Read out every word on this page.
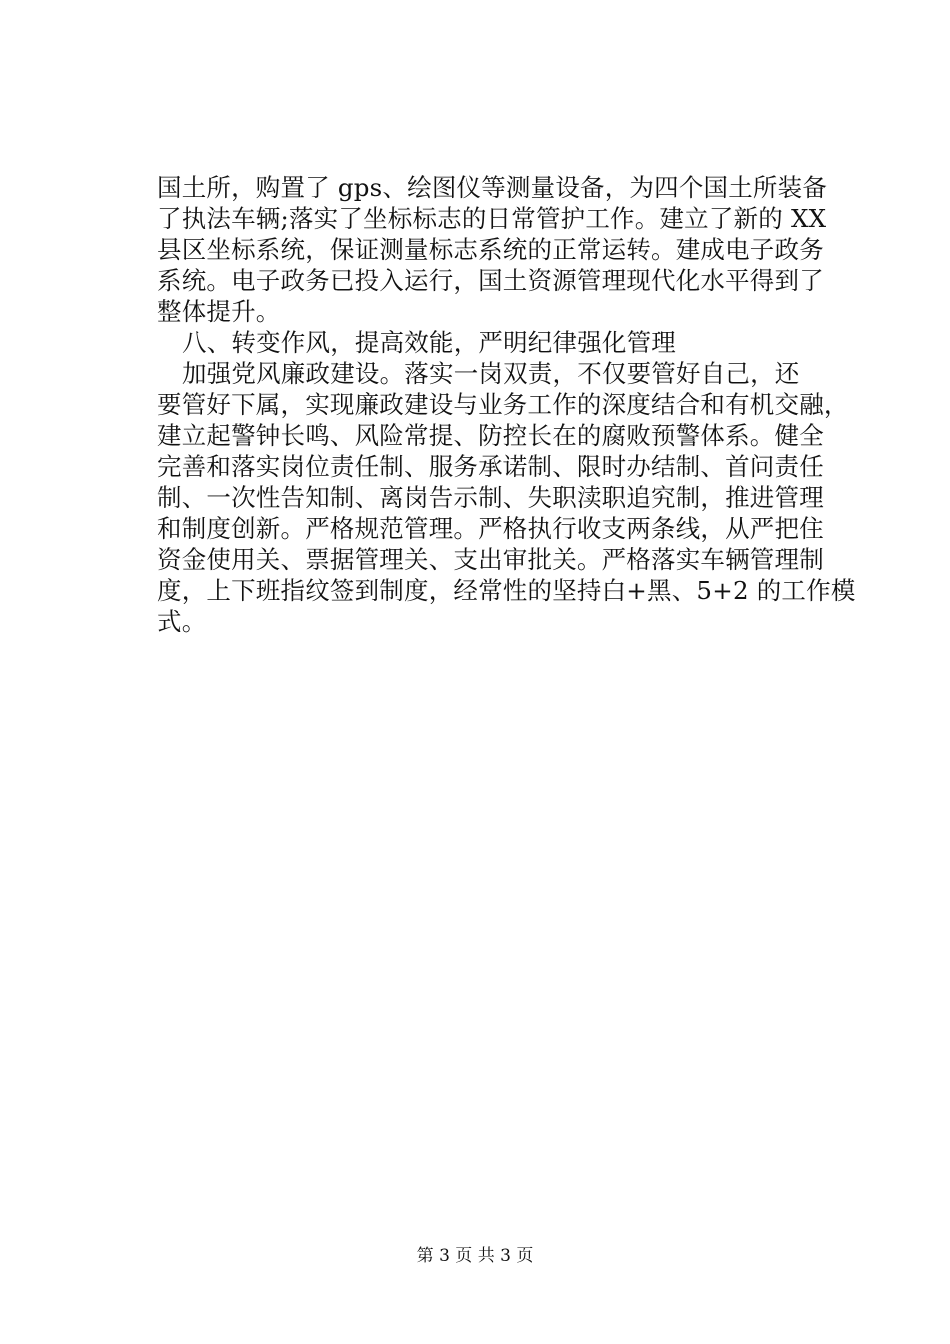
国土所，购置了 gps、绘图仪等测量设备，为四个国土所装备
了执法车辆;落实了坐标标志的日常管护工作。建立了新的 XX
县区坐标系统，保证测量标志系统的正常运转。建成电子政务
系统。电子政务已投入运行，国土资源管理现代化水平得到了
整体提升。
八、转变作风，提高效能，严明纪律强化管理
加强党风廉政建设。落实一岗双责，不仅要管好自己，还
要管好下属，实现廉政建设与业务工作的深度结合和有机交融，
建立起警钟长鸣、风险常提、防控长在的腐败预警体系。健全
完善和落实岗位责任制、服务承诺制、限时办结制、首问责任
制、一次性告知制、离岗告示制、失职渎职追究制，推进管理
和制度创新。严格规范管理。严格执行收支两条线，从严把住
资金使用关、票据管理关、支出审批关。严格落实车辆管理制
度，上下班指纹签到制度，经常性的坚持白+黑、5+2 的工作模
式。
第 3 页 共 3 页
